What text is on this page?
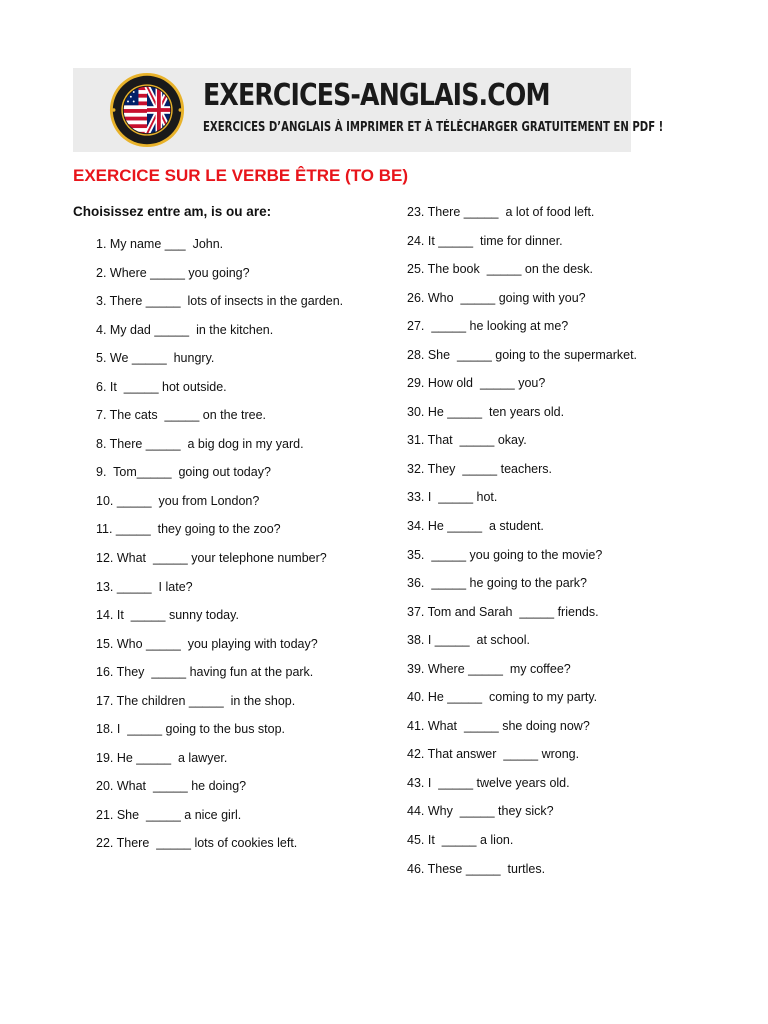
EXERCICES-ANGLAIS.COM
EXERCICES D’ANGLAIS À IMPRIMER ET À TÉLÉCHARGER GRATUITEMENT EN PDF !
EXERCICE SUR LE VERBE ÊTRE (TO BE)
Choisissez entre am, is ou are:
1. My name ___  John.
2. Where _____ you going?
3. There _____  lots of insects in the garden.
4. My dad _____  in the kitchen.
5. We _____  hungry.
6. It  _____ hot outside.
7. The cats  _____ on the tree.
8. There _____  a big dog in my yard.
9.  Tom_____  going out today?
10. _____  you from London?
11. _____  they going to the zoo?
12. What  _____ your telephone number?
13. _____  I late?
14. It  _____ sunny today.
15. Who _____  you playing with today?
16. They  _____ having fun at the park.
17. The children _____  in the shop.
18. I  _____ going to the bus stop.
19. He _____  a lawyer.
20. What  _____ he doing?
21. She  _____ a nice girl.
22. There  _____ lots of cookies left.
23. There _____  a lot of food left.
24. It _____  time for dinner.
25. The book  _____ on the desk.
26. Who  _____ going with you?
27.  _____ he looking at me?
28. She  _____ going to the supermarket.
29. How old  _____ you?
30. He _____  ten years old.
31. That  _____ okay.
32. They  _____ teachers.
33. I  _____ hot.
34. He _____  a student.
35.  _____ you going to the movie?
36.  _____ he going to the park?
37. Tom and Sarah  _____ friends.
38. I _____  at school.
39. Where _____  my coffee?
40. He _____  coming to my party.
41. What  _____ she doing now?
42. That answer  _____ wrong.
43. I  _____ twelve years old.
44. Why  _____ they sick?
45. It  _____ a lion.
46. These _____  turtles.
